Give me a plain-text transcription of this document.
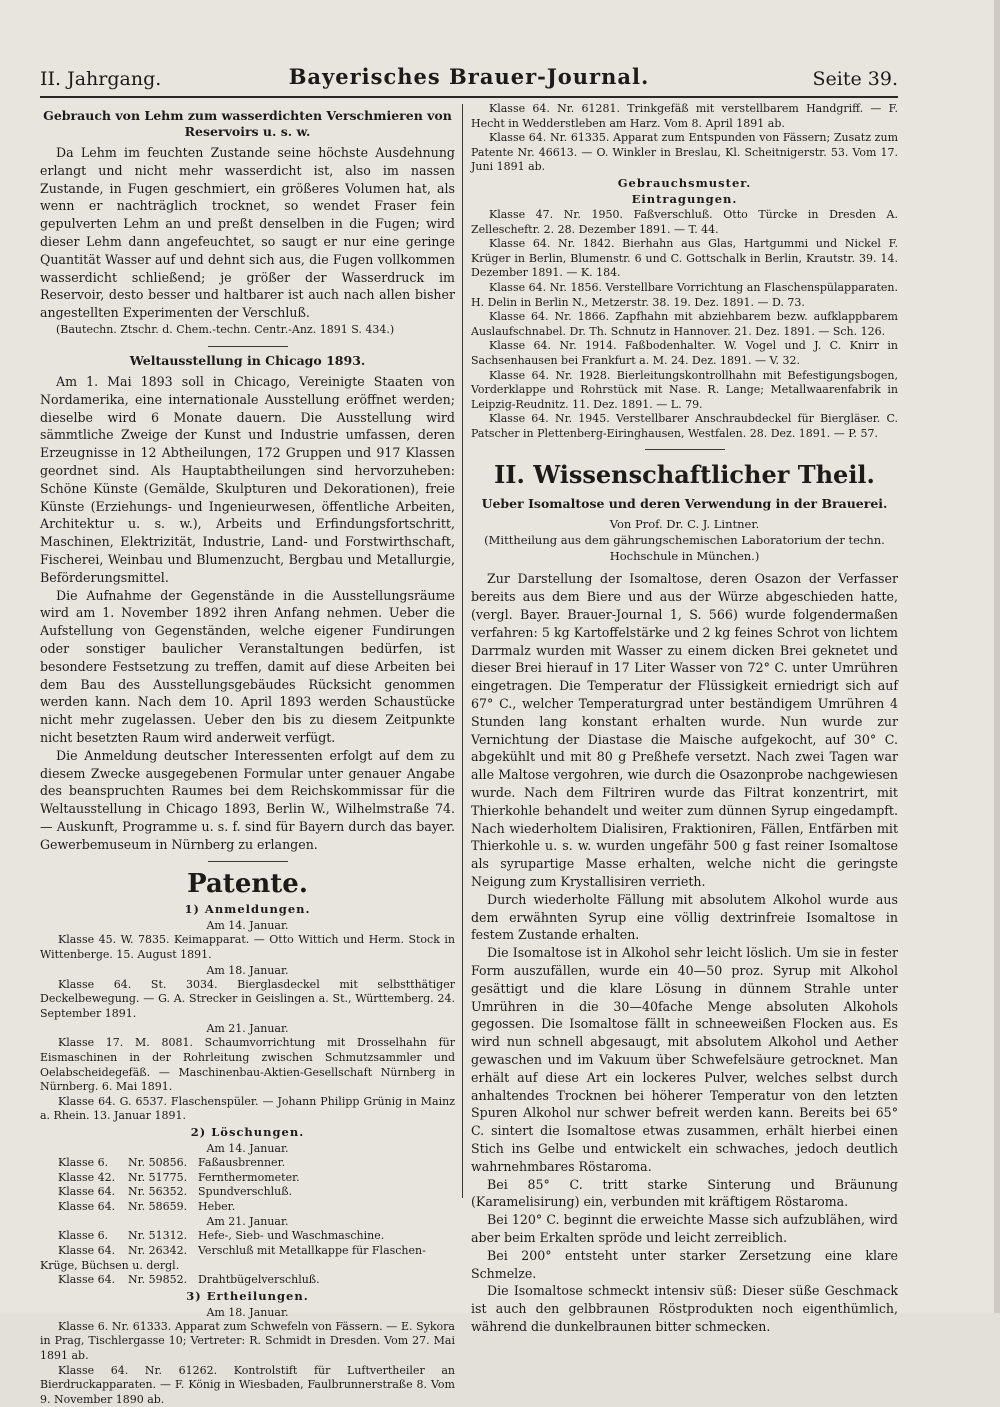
II. Jahrgang.	Bayerisches Brauer-Journal.	Seite 39.
Gebrauch von Lehm zum wasserdichten Verschmieren von Reservoirs u. s. w.

Da Lehm im feuchten Zustande seine höchste Ausdehnung erlangt und nicht mehr wasserdicht ist, also im nassen Zustande, in Fugen geschmiert, ein größeres Volumen hat, als wenn er nachträglich trocknet, so wendet Fraser fein gepulverten Lehm an und preßt denselben in die Fugen; wird dieser Lehm dann angefeuchtet, so saugt er nur eine geringe Quantität Wasser auf und dehnt sich aus, die Fugen vollkommen wasserdicht schließend; je größer der Wasserdruck im Reservoir, desto besser und haltbarer ist auch nach allen bisher angestellten Experimenten der Verschluß.

(Bautechn. Ztschr. d. Chem.-techn. Centr.-Anz. 1891 S. 434.)

Weltausstellung in Chicago 1893.

Am 1. Mai 1893 soll in Chicago, Vereinigte Staaten von Nordamerika, eine internationale Ausstellung eröffnet werden; dieselbe wird 6 Monate dauern. Die Ausstellung wird sämmtliche Zweige der Kunst und Industrie umfassen, deren Erzeugnisse in 12 Abtheilungen, 172 Gruppen und 917 Klassen geordnet sind. Als Hauptabtheilungen sind hervorzuheben: Schöne Künste (Gemälde, Skulpturen und Dekorationen), freie Künste (Erziehungs- und Ingenieurwesen, öffentliche Arbeiten, Architektur u. s. w.), Arbeits und Erfindungsfortschritt, Maschinen, Elektrizität, Industrie, Land- und Forstwirthschaft, Fischerei, Weinbau und Blumenzucht, Bergbau und Metallurgie, Beförderungsmittel.

Die Aufnahme der Gegenstände in die Ausstellungsräume wird am 1. November 1892 ihren Anfang nehmen. Ueber die Aufstellung von Gegenständen, welche eigener Fundirungen oder sonstiger baulicher Veranstaltungen bedürfen, ist besondere Festsetzung zu treffen, damit auf diese Arbeiten bei dem Bau des Ausstellungsgebäudes Rücksicht genommen werden kann. Nach dem 10. April 1893 werden Schaustücke nicht mehr zugelassen. Ueber den bis zu diesem Zeitpunkte nicht besetzten Raum wird anderweit verfügt.

Die Anmeldung deutscher Interessenten erfolgt auf dem zu diesem Zwecke ausgegebenen Formular unter genauer Angabe des beanspruchten Raumes bei dem Reichskommissar für die Weltausstellung in Chicago 1893, Berlin W., Wilhelmstraße 74. — Auskunft, Programme u. s. f. sind für Bayern durch das bayer. Gewerbemuseum in Nürnberg zu erlangen.

Patente.
1) Anmeldungen.
Am 14. Januar.

Klasse 45. W. 7835. Keimapparat. — Otto Wittich und Herm. Stock in Wittenberge. 15. August 1891.

Am 18. Januar.

Klasse 64. St. 3034. Bierglasdeckel mit selbstthätiger Deckelbewegung. — G. A. Strecker in Geislingen a. St., Württemberg. 24. September 1891.

Am 21. Januar.

Klasse 17. M. 8081. Schaumvorrichtung mit Drosselhahn für Eismaschinen in der Rohrleitung zwischen Schmutzsammler und Oelabscheidegefäß. — Maschinenbau-Aktien-Gesellschaft Nürnberg in Nürnberg. 6. Mai 1891.

Klasse 64. G. 6537. Flaschenspüler. — Johann Philipp Grünig in Mainz a. Rhein. 13. Januar 1891.

2) Löschungen.
Am 14. Januar.
Klasse 6.	Nr. 50856. Faßausbrenner.
Klasse 42.	Nr. 51775. Fernthermometer.
Klasse 64.	Nr. 56352. Spundverschluß.
Klasse 64.	Nr. 58659. Heber.
Am 21. Januar.
Klasse 6.	Nr. 51312. Hefe-, Sieb- und Waschmaschine.
Klasse 64.	Nr. 26342. Verschluß mit Metallkappe für Flaschen-
Krüge, Büchsen u. dergl.
Klasse 64.	Nr. 59852. Drahtbügelverschluß.
3) Ertheilungen.
Am 18. Januar.

Klasse 6. Nr. 61333. Apparat zum Schwefeln von Fässern. — E. Sykora in Prag, Tischlergasse 10; Vertreter: R. Schmidt in Dresden. Vom 27. Mai 1891 ab.

Klasse 64. Nr. 61262. Kontrolstift für Luftvertheiler an Bierdruckapparaten. — F. König in Wiesbaden, Faulbrunnerstraße 8. Vom 9. November 1890 ab.

Klasse 64. Nr. 61281. Trinkgefäß mit verstellbarem Handgriff. — F. Hecht in Wedderstleben am Harz. Vom 8. April 1891 ab.

Klasse 64. Nr. 61335. Apparat zum Entspunden von Fässern; Zusatz zum Patente Nr. 46613. — O. Winkler in Breslau, Kl. Scheitnigerstr. 53. Vom 17. Juni 1891 ab.

Gebrauchsmuster.
Eintragungen.

Klasse 47. Nr. 1950. Faßverschluß. Otto Türcke in Dresden A. Zellescheftr. 2. 28. Dezember 1891. — T. 44.

Klasse 64. Nr. 1842. Bierhahn aus Glas, Hartgummi und Nickel F. Krüger in Berlin, Blumenstr. 6 und C. Gottschalk in Berlin, Krautstr. 39. 14. Dezember 1891. — K. 184.

Klasse 64. Nr. 1856. Verstellbare Vorrichtung an Flaschenspülapparaten. H. Delin in Berlin N., Metzerstr. 38. 19. Dez. 1891. — D. 73.

Klasse 64. Nr. 1866. Zapfhahn mit abziehbarem bezw. aufklappbarem Auslaufschnabel. Dr. Th. Schnutz in Hannover. 21. Dez. 1891. — Sch. 126.

Klasse 64. Nr. 1914. Faßbodenhalter. W. Vogel und J. C. Knirr in Sachsenhausen bei Frankfurt a. M. 24. Dez. 1891. — V. 32.

Klasse 64. Nr. 1928. Bierleitungskontrollhahn mit Befestigungsbogen, Vorderklappe und Rohrstück mit Nase. R. Lange; Metallwaarenfabrik in Leipzig-Reudnitz. 11. Dez. 1891. — L. 79.

Klasse 64. Nr. 1945. Verstellbarer Anschraubdeckel für Biergläser. C. Patscher in Plettenberg-Eiringhausen, Westfalen. 28. Dez. 1891. — P. 57.

II. Wissenschaftlicher Theil.
Ueber Isomaltose und deren Verwendung in der Brauerei.
Von Prof. Dr. C. J. Lintner.
(Mittheilung aus dem gährungschemischen Laboratorium der techn. Hochschule in München.)

Zur Darstellung der Isomaltose, deren Osazon der Verfasser bereits aus dem Biere und aus der Würze abgeschieden hatte, (vergl. Bayer. Brauer-Journal 1, S. 566) wurde folgendermaßen verfahren: 5 kg Kartoffelstärke und 2 kg feines Schrot von lichtem Darrmalz wurden mit Wasser zu einem dicken Brei geknetet und dieser Brei hierauf in 17 Liter Wasser von 72° C. unter Umrühren eingetragen. Die Temperatur der Flüssigkeit erniedrigt sich auf 67° C., welcher Temperaturgrad unter beständigem Umrühren 4 Stunden lang konstant erhalten wurde. Nun wurde zur Vernichtung der Diastase die Maische aufgekocht, auf 30° C. abgekühlt und mit 80 g Preßhefe versetzt. Nach zwei Tagen war alle Maltose vergohren, wie durch die Osazonprobe nachgewiesen wurde. Nach dem Filtriren wurde das Filtrat konzentrirt, mit Thierkohle behandelt und weiter zum dünnen Syrup eingedampft. Nach wiederholtem Dialisiren, Fraktioniren, Fällen, Entfärben mit Thierkohle u. s. w. wurden ungefähr 500 g fast reiner Isomaltose als syrupartige Masse erhalten, welche nicht die geringste Neigung zum Krystallisiren verrieth.

Durch wiederholte Fällung mit absolutem Alkohol wurde aus dem erwähnten Syrup eine völlig dextrinfreie Isomaltose in festem Zustande erhalten.

Die Isomaltose ist in Alkohol sehr leicht löslich. Um sie in fester Form auszufällen, wurde ein 40—50 proz. Syrup mit Alkohol gesättigt und die klare Lösung in dünnem Strahle unter Umrühren in die 30—40fache Menge absoluten Alkohols gegossen. Die Isomaltose fällt in schneeweißen Flocken aus. Es wird nun schnell abgesaugt, mit absolutem Alkohol und Aether gewaschen und im Vakuum über Schwefelsäure getrocknet. Man erhält auf diese Art ein lockeres Pulver, welches selbst durch anhaltendes Trocknen bei höherer Temperatur von den letzten Spuren Alkohol nur schwer befreit werden kann. Bereits bei 65° C. sintert die Isomaltose etwas zusammen, erhält hierbei einen Stich ins Gelbe und entwickelt ein schwaches, jedoch deutlich wahrnehmbares Röstaroma.

Bei 85° C. tritt starke Sinterung und Bräunung (Karamelisirung) ein, verbunden mit kräftigem Röstaroma.

Bei 120° C. beginnt die erweichte Masse sich aufzublähen, wird aber beim Erkalten spröde und leicht zerreiblich.

Bei 200° entsteht unter starker Zersetzung eine klare Schmelze.

Die Isomaltose schmeckt intensiv süß: Dieser süße Geschmack ist auch den gelbbraunen Röstprodukten noch eigenthümlich, während die dunkelbraunen bitter schmecken.
